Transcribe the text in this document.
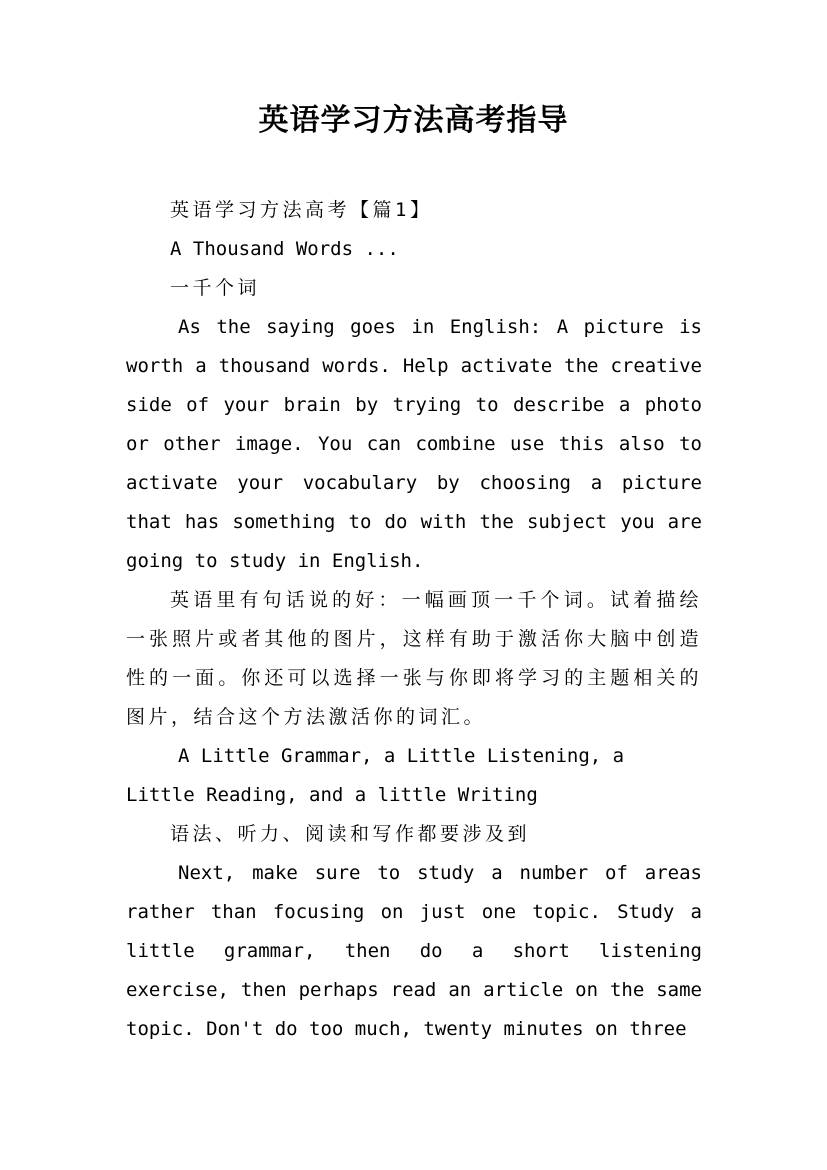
英语学习方法高考指导

英语学习方法高考【篇1】

A Thousand Words ...

一千个词

As the saying goes in English: A picture is worth a thousand words. Help activate the creative side of your brain by trying to describe a photo or other image. You can combine use this also to activate your vocabulary by choosing a picture that has something to do with the subject you are going to study in English.

英语里有句话说的好：一幅画顶一千个词。试着描绘一张照片或者其他的图片，这样有助于激活你大脑中创造性的一面。你还可以选择一张与你即将学习的主题相关的图片，结合这个方法激活你的词汇。

A Little Grammar, a Little Listening, a Little Reading, and a little Writing

语法、听力、阅读和写作都要涉及到

Next, make sure to study a number of areas rather than focusing on just one topic. Study a little grammar, then do a short listening exercise, then perhaps read an article on the same topic. Don't do too much, twenty minutes on three
